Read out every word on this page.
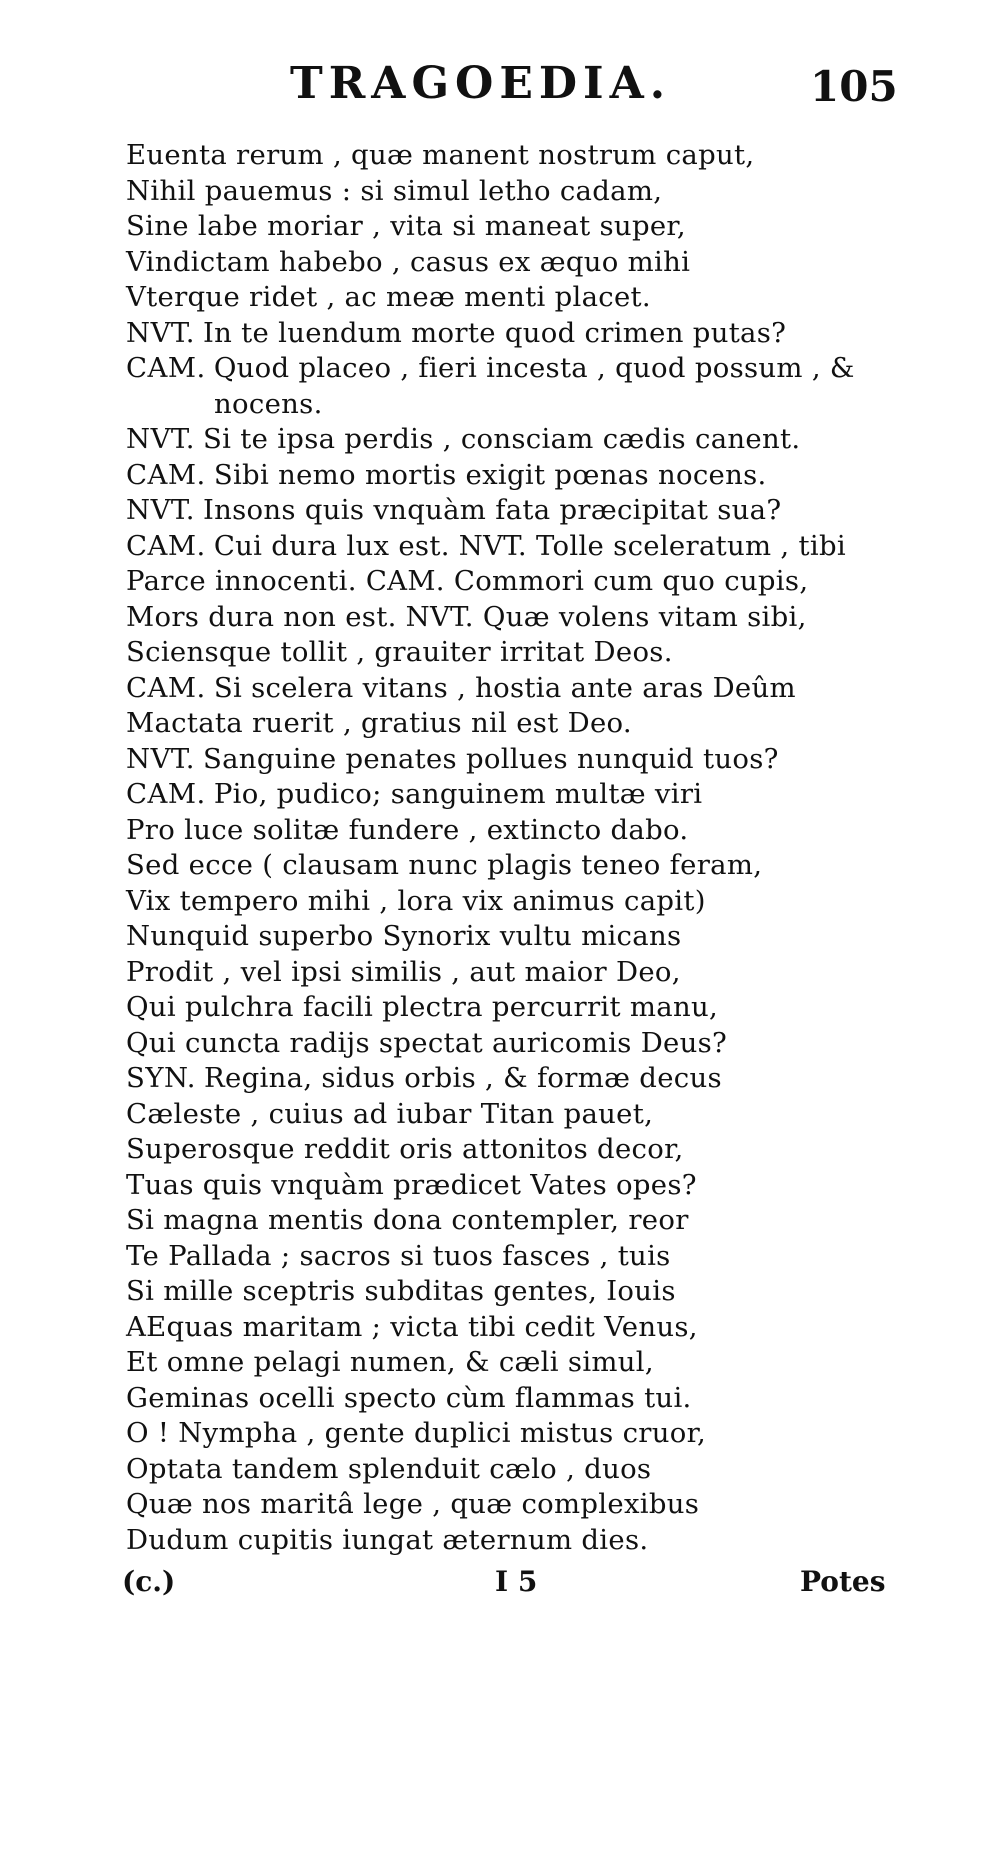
TRAGOEDIA.	105
Euenta rerum , quæ manent nostrum caput,
Nihil pauemus : si simul letho cadam,
Sine labe moriar , vita si maneat super,
Vindictam habebo , casus ex æquo mihi
Vterque ridet , ac meæ menti placet.
NVT. In te luendum morte quod crimen putas?
CAM. Quod placeo , fieri incesta , quod possum , &
nocens.
NVT. Si te ipsa perdis , consciam cædis canent.
CAM. Sibi nemo mortis exigit pœnas nocens.
NVT. Insons quis vnquàm fata præcipitat sua?
CAM. Cui dura lux est. NVT. Tolle sceleratum , tibi
Parce innocenti. CAM. Commori cum quo cupis,
Mors dura non est. NVT. Quæ volens vitam sibi,
Sciensque tollit , grauiter irritat Deos.
CAM. Si scelera vitans , hostia ante aras Deûm
Mactata ruerit , gratius nil est Deo.
NVT. Sanguine penates pollues nunquid tuos?
CAM. Pio, pudico; sanguinem multæ viri
Pro luce solitæ fundere , extincto dabo.
Sed ecce ( clausam nunc plagis teneo feram,
Vix tempero mihi , lora vix animus capit)
Nunquid superbo Synorix vultu micans
Prodit , vel ipsi similis , aut maior Deo,
Qui pulchra facili plectra percurrit manu,
Qui cuncta radijs spectat auricomis Deus?
SYN. Regina, sidus orbis , & formæ decus
Cæleste , cuius ad iubar Titan pauet,
Superosque reddit oris attonitos decor,
Tuas quis vnquàm prædicet Vates opes?
Si magna mentis dona contempler, reor
Te Pallada ; sacros si tuos fasces , tuis
Si mille sceptris subditas gentes, Iouis
AEquas maritam ; victa tibi cedit Venus,
Et omne pelagi numen, & cæli simul,
Geminas ocelli specto cùm flammas tui.
O ! Nympha , gente duplici mistus cruor,
Optata tandem splenduit cælo , duos
Quæ nos maritâ lege , quæ complexibus
Dudum cupitis iungat æternum dies.
(c.)	I 5	Potes
